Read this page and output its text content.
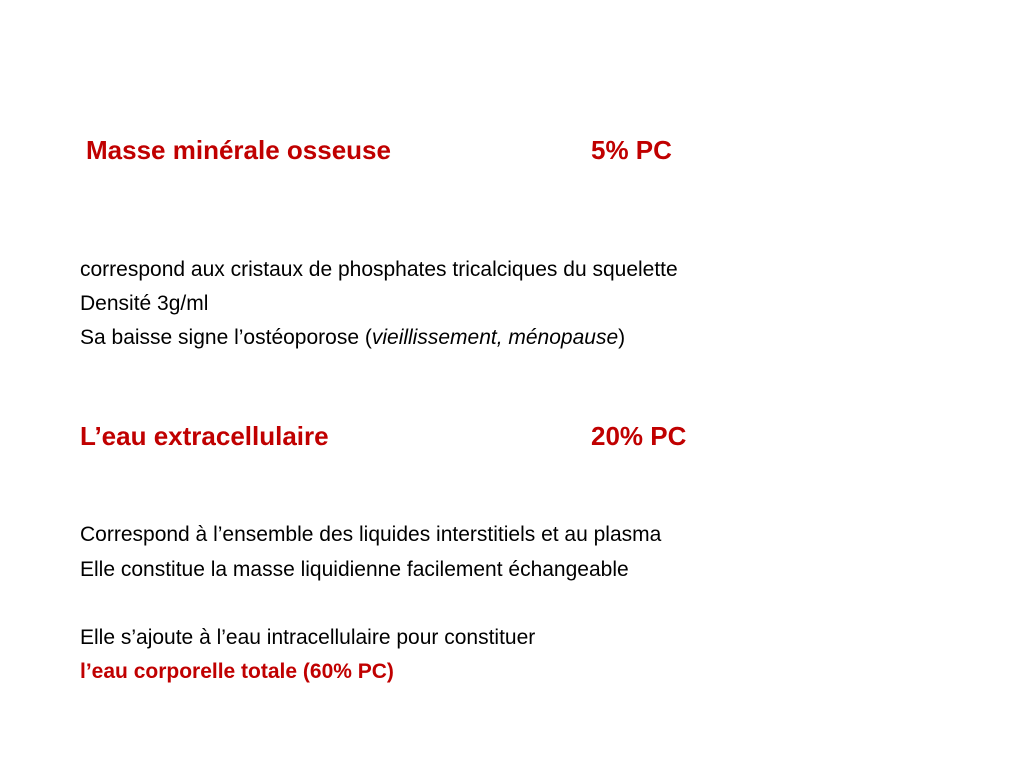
Masse minérale osseuse	5% PC
correspond aux cristaux de phosphates tricalciques du squelette
Densité 3g/ml
Sa baisse signe l’ostéoporose (vieillissement, ménopause)
L’eau extracellulaire	20% PC
Correspond à l’ensemble des liquides interstitiels et au plasma
Elle constitue la masse liquidienne facilement échangeable
Elle s’ajoute à l’eau intracellulaire pour constituer
l’eau corporelle totale (60% PC)
